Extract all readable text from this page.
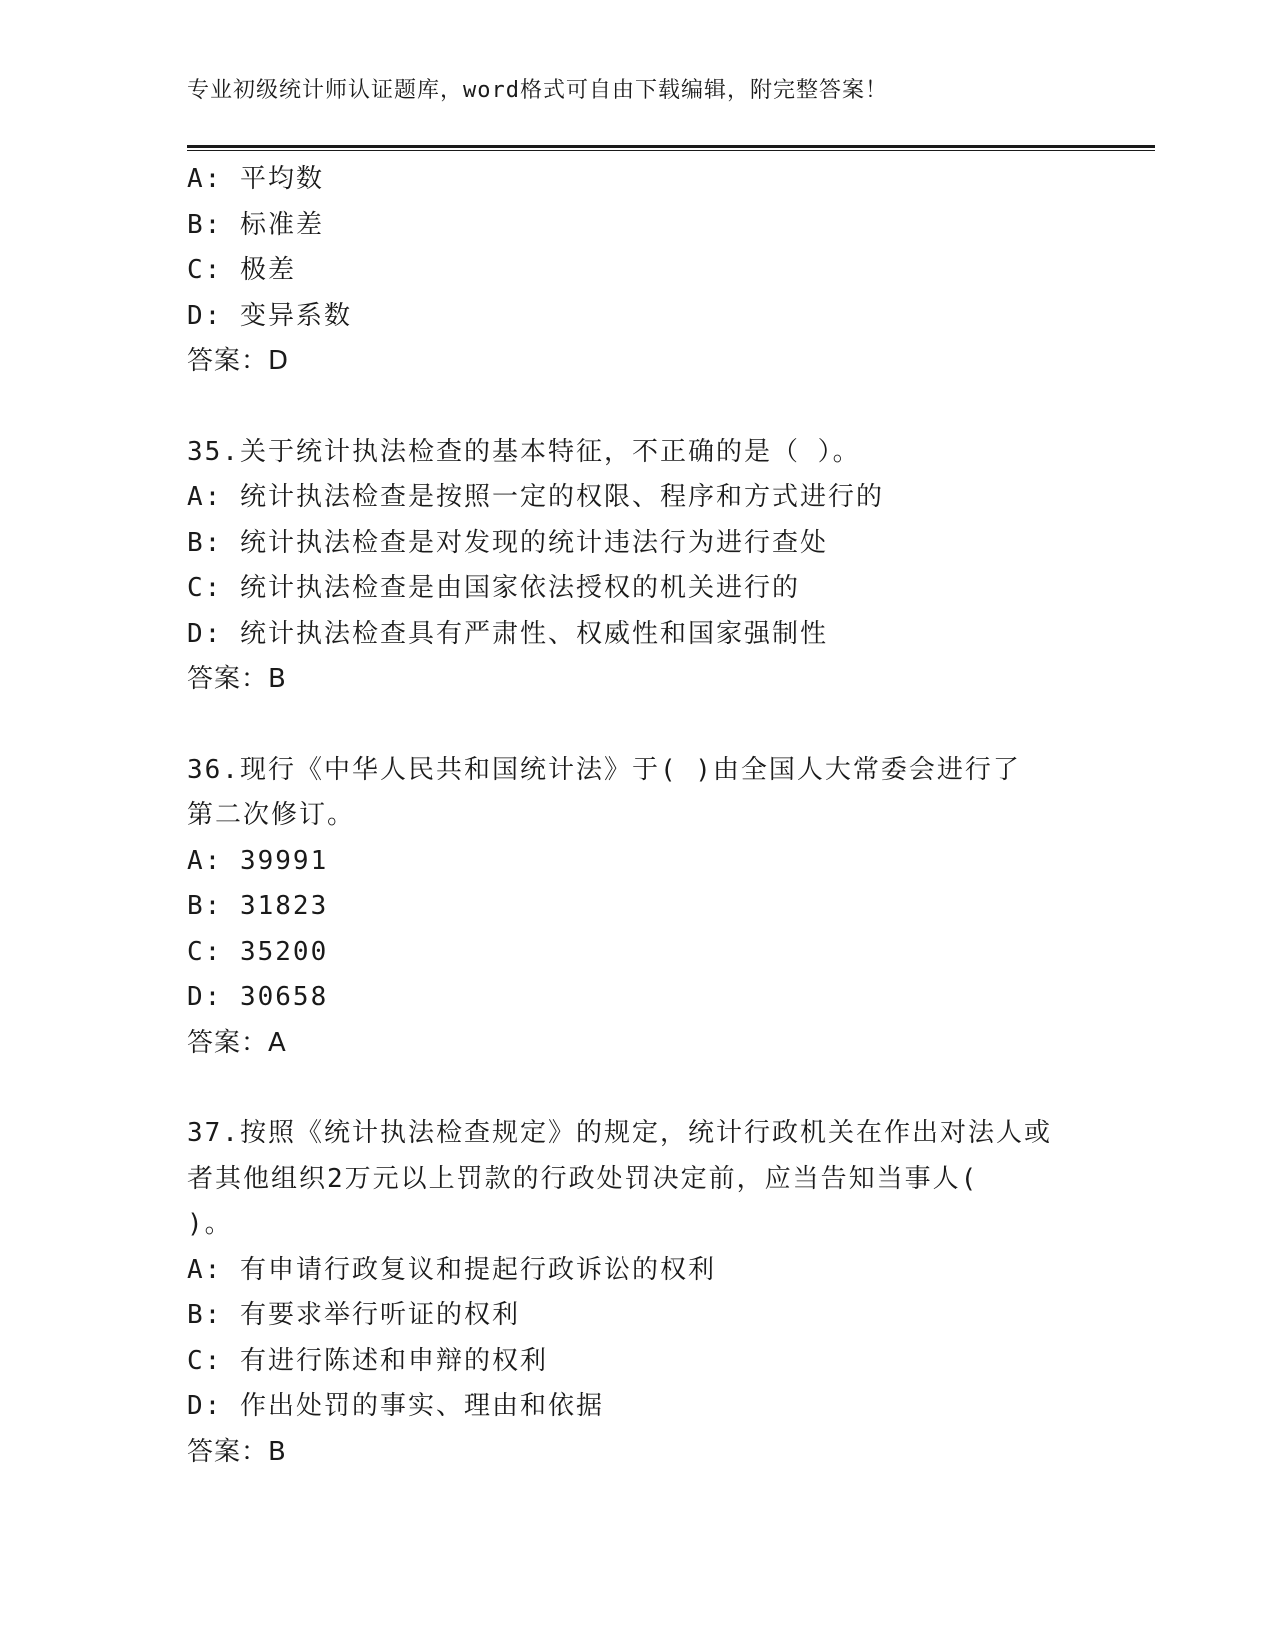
专业初级统计师认证题库，word格式可自由下载编辑，附完整答案！
A: 平均数
B: 标准差
C: 极差
D: 变异系数
答案：D
35.关于统计执法检查的基本特征，不正确的是（ ）。
A: 统计执法检查是按照一定的权限、程序和方式进行的
B: 统计执法检查是对发现的统计违法行为进行查处
C: 统计执法检查是由国家依法授权的机关进行的
D: 统计执法检查具有严肃性、权威性和国家强制性
答案：B
36.现行《中华人民共和国统计法》于( )由全国人大常委会进行了
第二次修订。
A: 39991
B: 31823
C: 35200
D: 30658
答案：A
37.按照《统计执法检查规定》的规定，统计行政机关在作出对法人或
者其他组织2万元以上罚款的行政处罚决定前，应当告知当事人(
)。
A: 有申请行政复议和提起行政诉讼的权利
B: 有要求举行听证的权利
C: 有进行陈述和申辩的权利
D: 作出处罚的事实、理由和依据
答案：B
